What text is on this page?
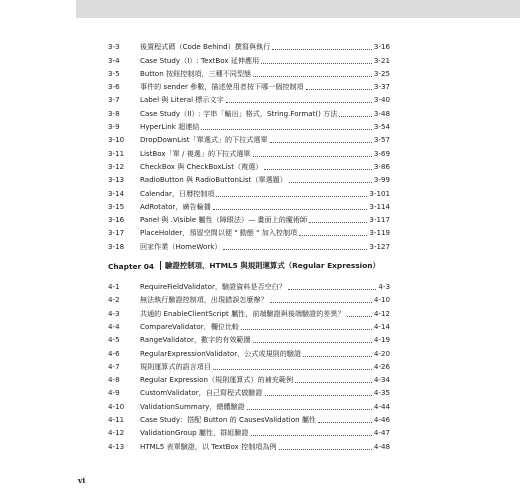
3-3	後置程式碼（Code Behind）撰寫與執行	3-16
3-4	Case Study（I）: TextBox 延伸應用	3-21
3-5	Button 按鈕控制項，三種不同型態	3-25
3-6	事件的 sender 參數，描述使用者按下哪一個控制項	3-37
3-7	Label 與 Literal 標示文字	3-40
3-8	Case Study（II）: 字串「輸出」格式，String.Format() 方法	3-48
3-9	HyperLink 超連結	3-54
3-10	DropDownList「單選式」的下拉式選單	3-57
3-11	ListBox「單 / 複選」的下拉式選單	3-69
3-12	CheckBox 與 CheckBoxList（複選）	3-86
3-13	RadioButton 與 RadioButtonList（單選題）	3-99
3-14	Calendar，日曆控制項	3-101
3-15	AdRotator，廣告輪播	3-114
3-16	Panel 與 .Visible 屬性（障眼法）— 畫面上的魔術師	3-117
3-17	PlaceHolder，預留空間以便 " 動態 " 加入控制項	3-119
3-18	回家作業（HomeWork）	3-127
Chapter 04 驗證控制項、HTML5 與規則運算式（Regular Expression）
4-1	RequireFieldValidator，驗證資料是否空白？	4-3
4-2	無法執行驗證控制項，出現錯誤怎麼辦？	4-10
4-3	共通的 EnableClientScript 屬性，前端驗證與後端驗證的差異？	4-12
4-4	CompareValidator，欄位比較	4-14
4-5	RangeValidator，數字的有效範圍	4-19
4-6	RegularExpressionValidator，公式或規則的驗證	4-20
4-7	規則運算式的語言項目	4-26
4-8	Regular Expression（規則運算式）的補充範例	4-34
4-9	CustomValidator，自己寫程式做驗證	4-35
4-10	ValidationSummary，總體驗證	4-44
4-11	Case Study：搭配 Button 的 CausesValidation 屬性	4-46
4-12	ValidationGroup 屬性，群組驗證	4-47
4-13	HTML5 表單驗證，以 TextBox 控制項為例	4-48
vi
